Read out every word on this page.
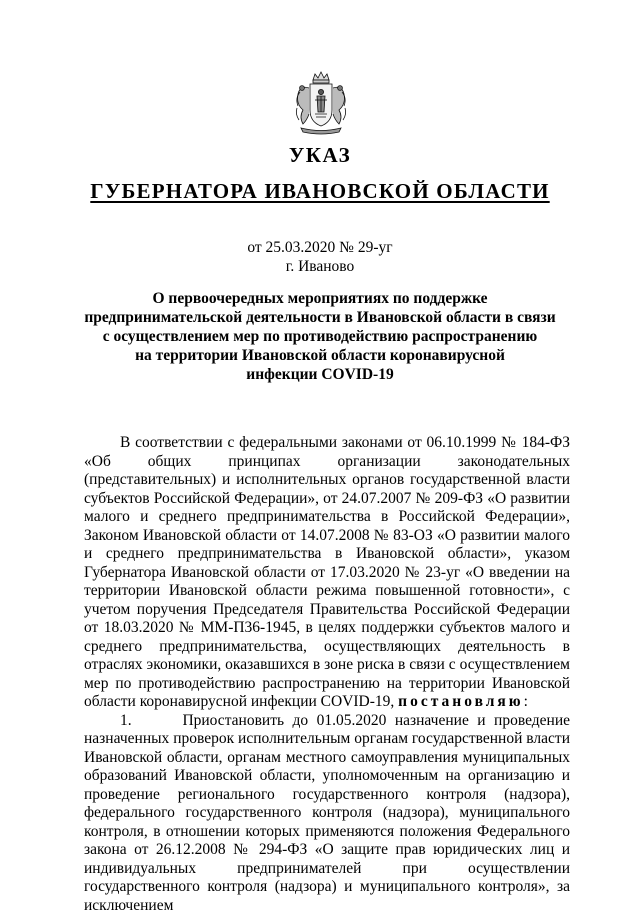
УКАЗ
ГУБЕРНАТОРА ИВАНОВСКОЙ ОБЛАСТИ
от 25.03.2020 № 29-уг
г. Иваново
О первоочередных мероприятиях по поддержке
предпринимательской деятельности в Ивановской области в связи
с осуществлением мер по противодействию распространению
на территории Ивановской области коронавирусной
инфекции COVID-19

В соответствии с федеральными законами от 06.10.1999 № 184-ФЗ «Об общих принципах организации законодательных (представительных) и исполнительных органов государственной власти субъектов Российской Федерации», от 24.07.2007 № 209-ФЗ «О развитии малого и среднего предпринимательства в Российской Федерации», Законом Ивановской области от 14.07.2008 № 83-ОЗ «О развитии малого и среднего предпринимательства в Ивановской области», указом Губернатора Ивановской области от 17.03.2020 № 23-уг «О введении на территории Ивановской области режима повышенной готовности», с учетом поручения Председателя Правительства Российской Федерации от 18.03.2020 № ММ-П36-1945, в целях поддержки субъектов малого и среднего предпринимательства, осуществляющих деятельность в отраслях экономики, оказавшихся в зоне риска в связи с осуществлением мер по противодействию распространению на территории Ивановской области коронавирусной инфекции COVID-19, постановляю:

1.      Приостановить до 01.05.2020 назначение и проведение назначенных проверок исполнительным органам государственной власти Ивановской области, органам местного самоуправления муниципальных образований Ивановской области, уполномоченным на организацию и проведение регионального государственного контроля (надзора), федерального государственного контроля (надзора), муниципального контроля, в отношении которых применяются положения Федерального закона от 26.12.2008 № 294-ФЗ «О защите прав юридических лиц и индивидуальных предпринимателей при осуществлении государственного контроля (надзора) и муниципального контроля», за исключением
